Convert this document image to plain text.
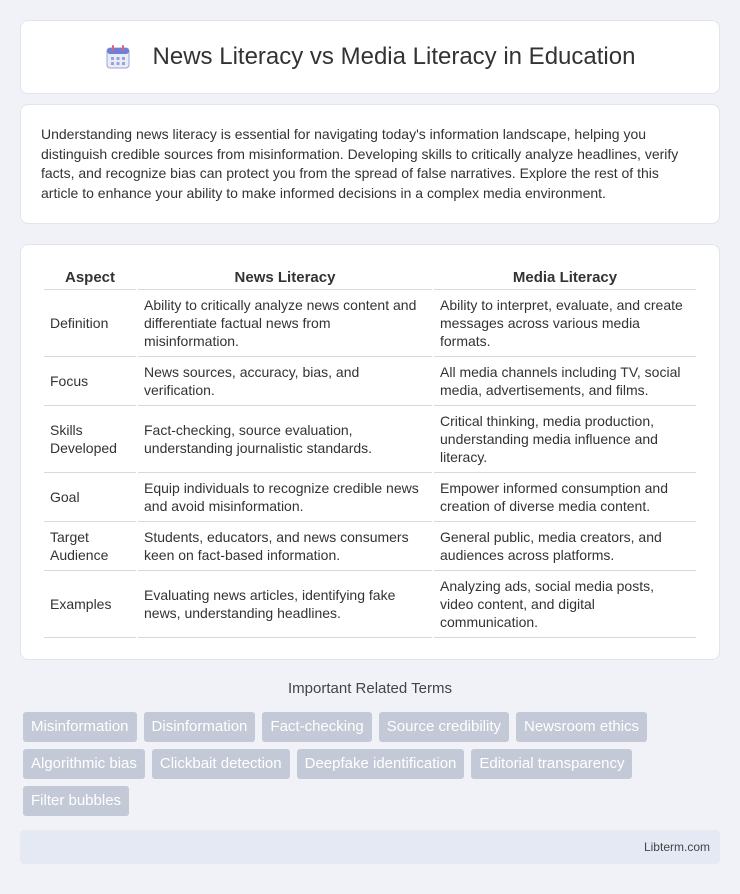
News Literacy vs Media Literacy in Education

Understanding news literacy is essential for navigating today's information landscape, helping you distinguish credible sources from misinformation. Developing skills to critically analyze headlines, verify facts, and recognize bias can protect you from the spread of false narratives. Explore the rest of this article to enhance your ability to make informed decisions in a complex media environment.

Aspect	News Literacy	Media Literacy
Definition	Ability to critically analyze news content and differentiate factual news from misinformation.	Ability to interpret, evaluate, and create messages across various media formats.
Focus	News sources, accuracy, bias, and verification.	All media channels including TV, social media, advertisements, and films.
Skills Developed	Fact-checking, source evaluation, understanding journalistic standards.	Critical thinking, media production, understanding media influence and literacy.
Goal	Equip individuals to recognize credible news and avoid misinformation.	Empower informed consumption and creation of diverse media content.
Target Audience	Students, educators, and news consumers keen on fact-based information.	General public, media creators, and audiences across platforms.
Examples	Evaluating news articles, identifying fake news, understanding headlines.	Analyzing ads, social media posts, video content, and digital communication.
Important Related Terms
Misinformation	Disinformation	Fact-checking	Source credibility	Newsroom ethics
Algorithmic bias	Clickbait detection	Deepfake identification	Editorial transparency
Filter bubbles
Libterm.com
